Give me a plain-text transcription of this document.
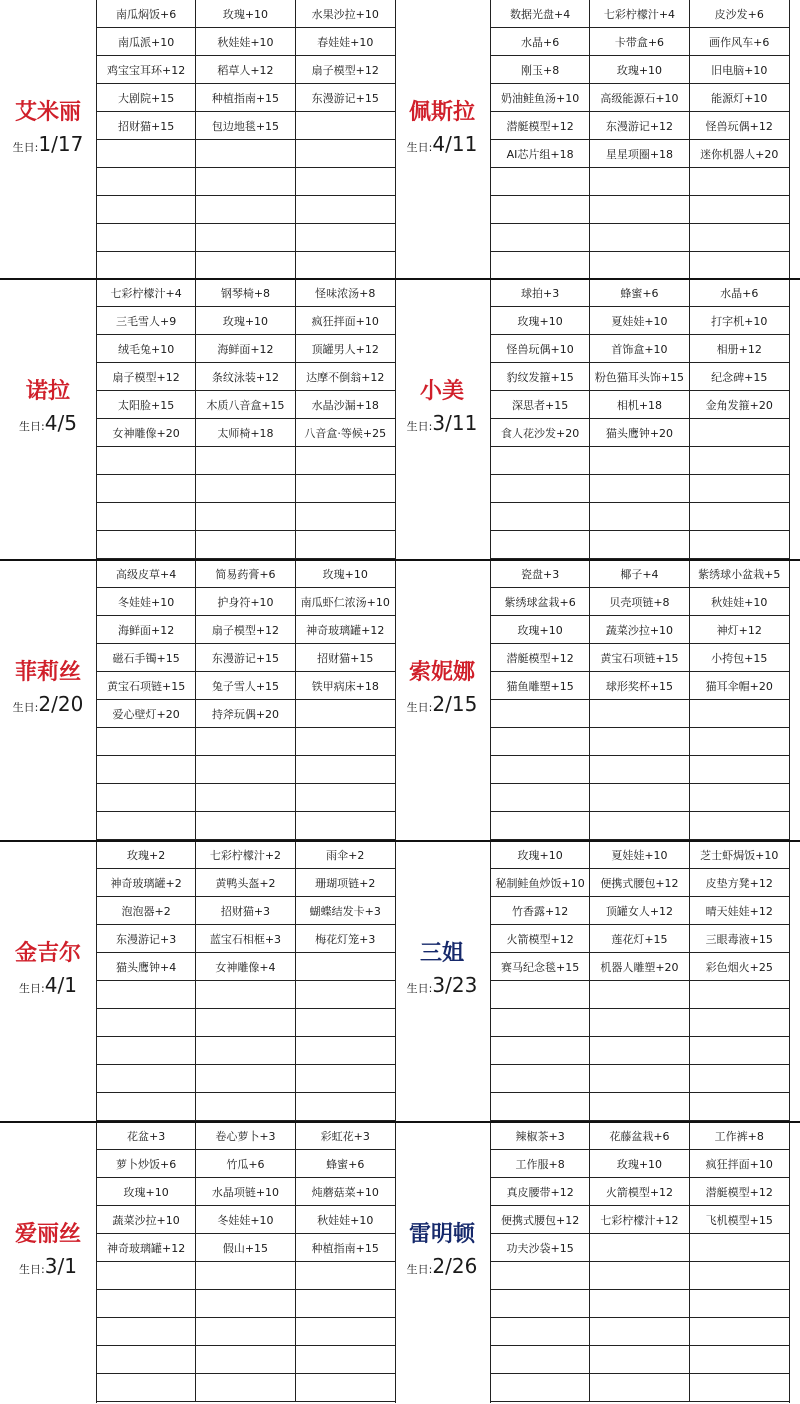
艾米丽
生日:1/17
南瓜焖饭+6	玫瑰+10	水果沙拉+10
南瓜派+10	秋娃娃+10	春娃娃+10
鸡宝宝耳环+12	稻草人+12	扇子模型+12
大剧院+15	种植指南+15	东漫游记+15
招财猫+15	包边地毯+15
佩斯拉
生日:4/11
数据光盘+4	七彩柠檬汁+4	皮沙发+6
水晶+6	卡带盒+6	画作风车+6
刚玉+8	玫瑰+10	旧电脑+10
奶油鲑鱼汤+10	高级能源石+10	能源灯+10
潜艇模型+12	东漫游记+12	怪兽玩偶+12
AI芯片组+18	星星项圈+18	迷你机器人+20
诺拉
生日:4/5
七彩柠檬汁+4	钢琴椅+8	怪味浓汤+8
三毛雪人+9	玫瑰+10	疯狂拌面+10
绒毛兔+10	海鲜面+12	顶罐男人+12
扇子模型+12	条纹泳装+12	达摩不倒翁+12
太阳脸+15	木质八音盒+15	水晶沙漏+18
女神雕像+20	太师椅+18	八音盒·等候+25
小美
生日:3/11
球拍+3	蜂蜜+6	水晶+6
玫瑰+10	夏娃娃+10	打字机+10
怪兽玩偶+10	首饰盒+10	相册+12
豹纹发箍+15	粉色猫耳头饰+15	纪念碑+15
深思者+15	相机+18	金角发箍+20
食人花沙发+20	猫头鹰钟+20
菲莉丝
生日:2/20
高级皮草+4	简易药膏+6	玫瑰+10
冬娃娃+10	护身符+10	南瓜虾仁浓汤+10
海鲜面+12	扇子模型+12	神奇玻璃罐+12
磁石手镯+15	东漫游记+15	招财猫+15
黄宝石项链+15	兔子雪人+15	铁甲病床+18
爱心壁灯+20	持斧玩偶+20
索妮娜
生日:2/15
瓷盘+3	椰子+4	紫绣球小盆栽+5
紫绣球盆栽+6	贝壳项链+8	秋娃娃+10
玫瑰+10	蔬菜沙拉+10	神灯+12
潜艇模型+12	黄宝石项链+15	小挎包+15
猫鱼雕塑+15	球形奖杯+15	猫耳伞帽+20
金吉尔
生日:4/1
玫瑰+2	七彩柠檬汁+2	雨伞+2
神奇玻璃罐+2	黄鸭头盔+2	珊瑚项链+2
泡泡器+2	招财猫+3	蝴蝶结发卡+3
东漫游记+3	蓝宝石相框+3	梅花灯笼+3
猫头鹰钟+4	女神雕像+4
三姐
生日:3/23
玫瑰+10	夏娃娃+10	芝士虾焗饭+10
秘制鲑鱼炒饭+10	便携式腰包+12	皮垫方凳+12
竹香露+12	顶罐女人+12	晴天娃娃+12
火箭模型+12	莲花灯+15	三眼毒液+15
赛马纪念毯+15	机器人雕塑+20	彩色烟火+25
爱丽丝
生日:3/1
花盆+3	卷心萝卜+3	彩虹花+3
萝卜炒饭+6	竹瓜+6	蜂蜜+6
玫瑰+10	水晶项链+10	炖蘑菇菜+10
蔬菜沙拉+10	冬娃娃+10	秋娃娃+10
神奇玻璃罐+12	假山+15	种植指南+15
雷明顿
生日:2/26
辣椒茶+3	花藤盆栽+6	工作裤+8
工作服+8	玫瑰+10	疯狂拌面+10
真皮腰带+12	火箭模型+12	潜艇模型+12
便携式腰包+12	七彩柠檬汁+12	飞机模型+15
功夫沙袋+15
